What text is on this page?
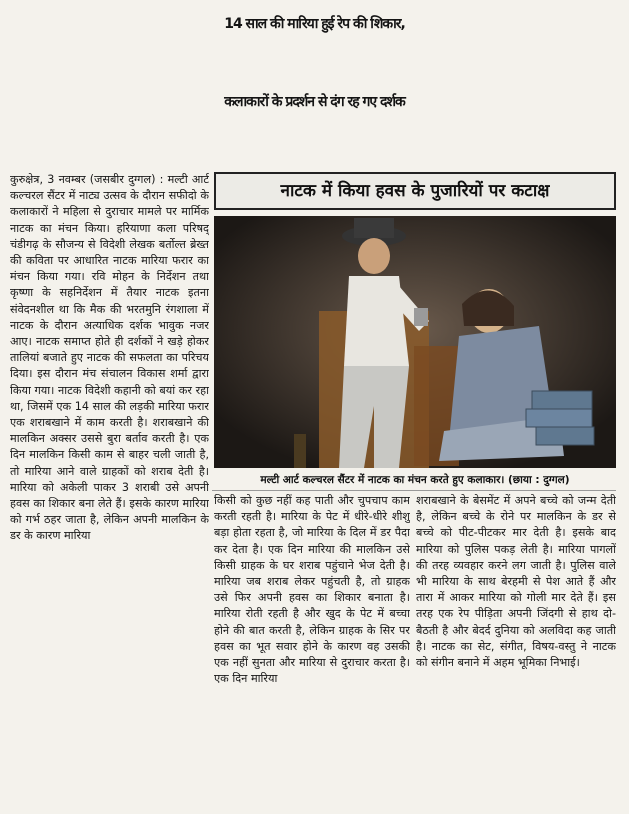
14 साल की मारिया हुई रेप की शिकार,
कलाकारों के प्रदर्शन से दंग रह गए दर्शक
कुरुक्षेत्र, 3 नवम्बर (जसबीर दुग्गल) : मल्टी आर्ट कल्चरल सैंटर में नाट्य उत्सव के दौरान सफीदो के कलाकारों ने महिला से दुराचार मामले पर मार्मिक नाटक का मंचन किया। हरियाणा कला परिषद् चंडीगढ़ के सौजन्य से विदेशी लेखक बर्तोल्त ब्रेख्त की कविता पर आधारित नाटक मारिया फरार का मंचन किया गया। रवि मोहन के निर्देशन तथा कृष्णा के सहनिर्देशन में तैयार नाटक इतना संवेदनशील था कि मैक की भरतमुनि रंगशाला में नाटक के दौरान अत्याधिक दर्शक भावुक नजर आए। नाटक समाप्त होते ही दर्शकों ने खड़े होकर तालियां बजाते हुए नाटक की सफलता का परिचय दिया। इस दौरान मंच संचालन विकास शर्मा द्वारा किया गया। नाटक विदेशी कहानी को बयां कर रहा था, जिसमें एक 14 साल की लड़की मारिया फरार एक शराबखाने में काम करती है। शराबखाने की मालकिन अक्सर उससे बुरा बर्ताव करती है। एक दिन मालकिन किसी काम से बाहर चली जाती है, तो मारिया आने वाले ग्राहकों को शराब देती है। मारिया को अकेली पाकर 3 शराबी उसे अपनी हवस का शिकार बना लेते हैं। इसके कारण मारिया को गर्भ ठहर जाता है, लेकिन अपनी मालकिन के डर के कारण मारिया
नाटक में किया हवस के पुजारियों पर कटाक्ष
मल्टी आर्ट कल्चरल सैंटर में नाटक का मंचन करते हुए कलाकार। (छाया : दुग्गल)
किसी को कुछ नहीं कह पाती और चुपचाप काम करती रहती है। मारिया के पेट में धीरे-धीरे शीशु बड़ा होता रहता है, जो मारिया के दिल में डर पैदा कर देता है। एक दिन मारिया की मालकिन उसे किसी ग्राहक के घर शराब पहुंचाने भेज देती है। मारिया जब शराब लेकर पहुंचती है, तो ग्राहक उसे फिर अपनी हवस का शिकार बनाता है। मारिया रोती रहती है और खुद के पेट में बच्चा होने की बात करती है, लेकिन ग्राहक के सिर पर हवस का भूत सवार होने के कारण वह उसकी एक नहीं सुनता और मारिया से दुराचार करता है। एक दिन मारिया
शराबखाने के बेसमेंट में अपने बच्चे को जन्म देती है, लेकिन बच्चे के रोने पर मालकिन के डर से बच्चे को पीट-पीटकर मार देती है। इसके बाद मारिया को पुलिस पकड़ लेती है। मारिया पागलों की तरह व्यवहार करने लग जाती है। पुलिस वाले भी मारिया के साथ बेरहमी से पेश आते हैं और तारा में आकर मारिया को गोली मार देते हैं। इस तरह एक रेप पीड़िता अपनी जिंदगी से हाथ दो-बैठती है और बेदर्द दुनिया को अलविदा कह जाती है। नाटक का सेट, संगीत, विषय-वस्तु ने नाटक को संगीन बनाने में अहम भूमिका निभाई।
